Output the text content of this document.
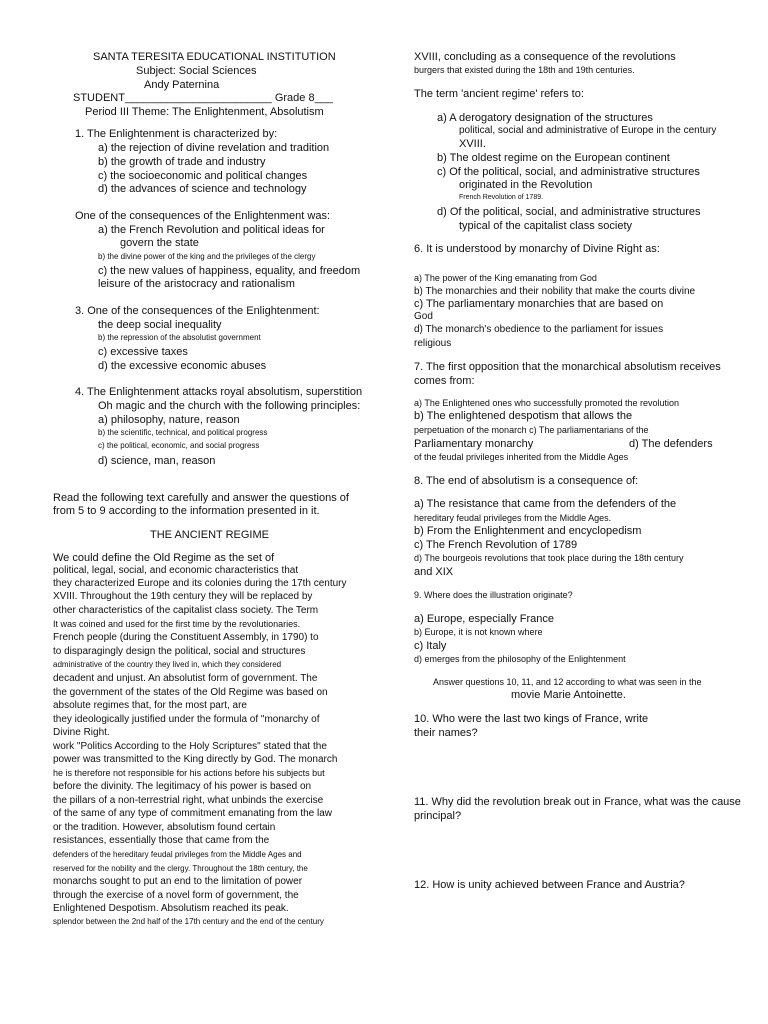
SANTA TERESITA EDUCATIONAL INSTITUTION
Subject: Social Sciences
Andy Paternina
STUDENT________________________ Grade 8___
Period III Theme: The Enlightenment, Absolutism
1. The Enlightenment is characterized by:
a) the rejection of divine revelation and tradition
b) the growth of trade and industry
c) the socioeconomic and political changes
d) the advances of science and technology
One of the consequences of the Enlightenment was:
a) the French Revolution and political ideas for
govern the state
b) the divine power of the king and the privileges of the clergy
c) the new values of happiness, equality, and freedom
leisure of the aristocracy and rationalism
3. One of the consequences of the Enlightenment:
the deep social inequality
b) the repression of the absolutist government
c) excessive taxes
d) the excessive economic abuses
4. The Enlightenment attacks royal absolutism, superstition
Oh magic and the church with the following principles:
a) philosophy, nature, reason
b) the scientific, technical, and political progress
c) the political, economic, and social progress
d) science, man, reason
Read the following text carefully and answer the questions of
from 5 to 9 according to the information presented in it.
THE ANCIENT REGIME
We could define the Old Regime as the set of
political, legal, social, and economic characteristics that
they characterized Europe and its colonies during the 17th century
XVIII. Throughout the 19th century they will be replaced by
other characteristics of the capitalist class society. The Term
It was coined and used for the first time by the revolutionaries.
French people (during the Constituent Assembly, in 1790) to
to disparagingly design the political, social and structures
administrative of the country they lived in, which they considered
decadent and unjust. An absolutist form of government. The
the government of the states of the Old Regime was based on
absolute regimes that, for the most part, are
they ideologically justified under the formula of "monarchy of
Divine Right.
work "Politics According to the Holy Scriptures" stated that the
power was transmitted to the King directly by God. The monarch
he is therefore not responsible for his actions before his subjects but
before the divinity. The legitimacy of his power is based on
the pillars of a non-terrestrial right, what unbinds the exercise
of the same of any type of commitment emanating from the law
or the tradition. However, absolutism found certain
resistances, essentially those that came from the
defenders of the hereditary feudal privileges from the Middle Ages and
reserved for the nobility and the clergy. Throughout the 18th century, the
monarchs sought to put an end to the limitation of power
through the exercise of a novel form of government, the
Enlightened Despotism. Absolutism reached its peak.
splendor between the 2nd half of the 17th century and the end of the century
XVIII, concluding as a consequence of the revolutions
burgers that existed during the 18th and 19th centuries.
The term 'ancient regime' refers to:
a) A derogatory designation of the structures
political, social and administrative of Europe in the century
XVIII.
b) The oldest regime on the European continent
c) Of the political, social, and administrative structures
originated in the Revolution
French Revolution of 1789.
d) Of the political, social, and administrative structures
typical of the capitalist class society
6. It is understood by monarchy of Divine Right as:
a) The power of the King emanating from God
b) The monarchies and their nobility that make the courts divine
c) The parliamentary monarchies that are based on
God
d) The monarch's obedience to the parliament for issues
religious
7. The first opposition that the monarchical absolutism receives
comes from:
a) The Enlightened ones who successfully promoted the revolution
b) The enlightened despotism that allows the
perpetuation of the monarch c) The parliamentarians of the
Parliamentary monarchy	d) The defenders
of the feudal privileges inherited from the Middle Ages
8. The end of absolutism is a consequence of:
a) The resistance that came from the defenders of the
hereditary feudal privileges from the Middle Ages.
b) From the Enlightenment and encyclopedism
c) The French Revolution of 1789
d) The bourgeois revolutions that took place during the 18th century
and XIX
9. Where does the illustration originate?
a) Europe, especially France
b) Europe, it is not known where
c) Italy
d) emerges from the philosophy of the Enlightenment
Answer questions 10, 11, and 12 according to what was seen in the
movie Marie Antoinette.
10. Who were the last two kings of France, write
their names?
11. Why did the revolution break out in France, what was the cause
principal?
12. How is unity achieved between France and Austria?
